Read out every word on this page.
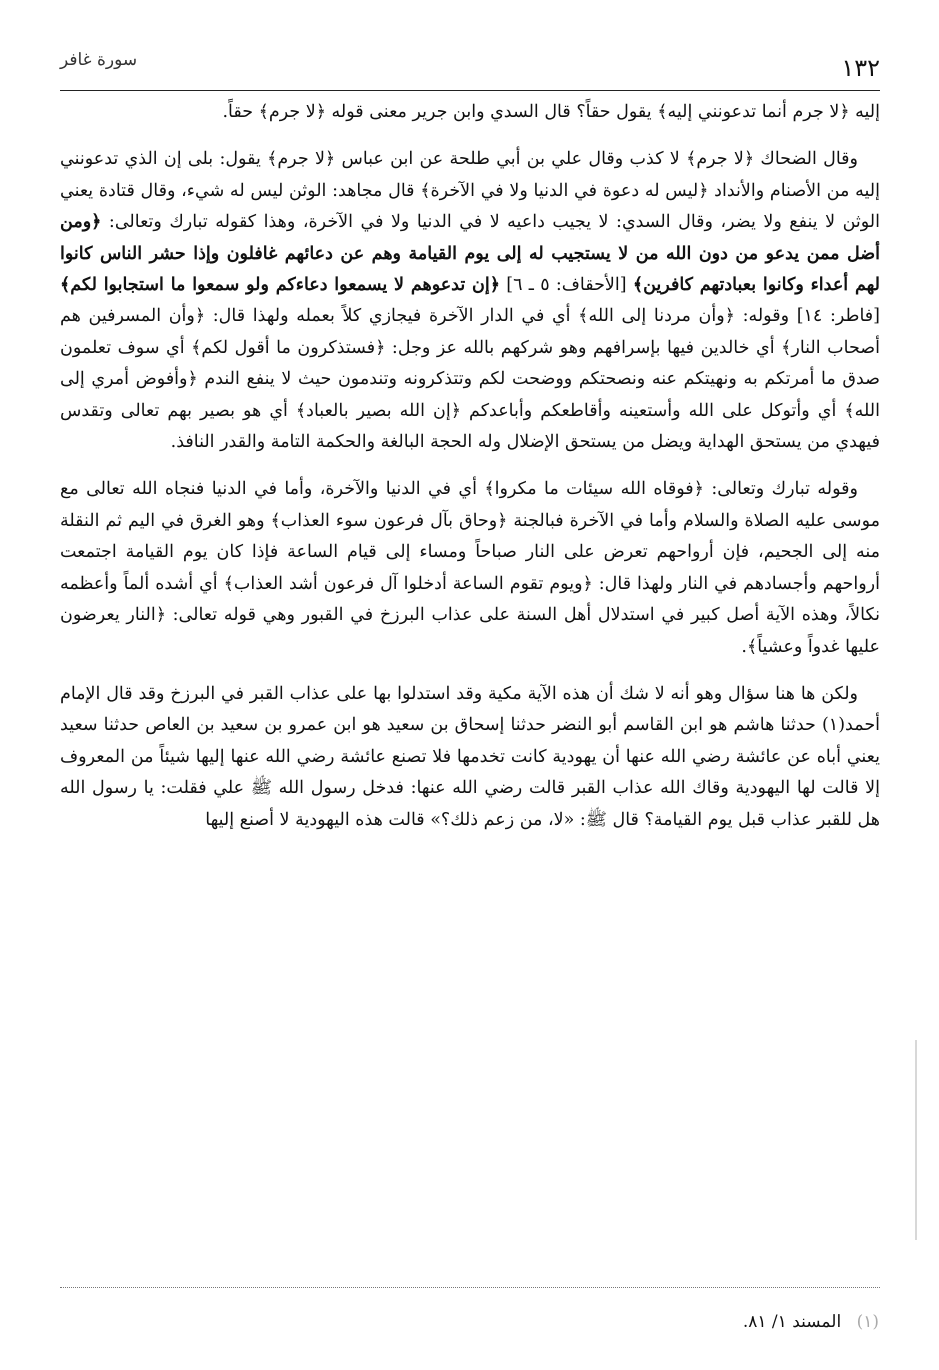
١٣٢
سورة غافر

إليه ﴿لا جرم أنما تدعونني إليه﴾ يقول حقاً؟ قال السدي وابن جرير معنى قوله ﴿لا جرم﴾ حقاً.

وقال الضحاك ﴿لا جرم﴾ لا كذب وقال علي بن أبي طلحة عن ابن عباس ﴿لا جرم﴾ يقول: بلى إن الذي تدعونني إليه من الأصنام والأنداد ﴿ليس له دعوة في الدنيا ولا في الآخرة﴾ قال مجاهد: الوثن ليس له شيء، وقال قتادة يعني الوثن لا ينفع ولا يضر، وقال السدي: لا يجيب داعيه لا في الدنيا ولا في الآخرة، وهذا كقوله تبارك وتعالى: ﴿ومن أضل ممن يدعو من دون الله من لا يستجيب له إلى يوم القيامة وهم عن دعائهم غافلون وإذا حشر الناس كانوا لهم أعداء وكانوا بعبادتهم كافرين﴾ [الأحقاف: ٥ ـ ٦] ﴿إن تدعوهم لا يسمعوا دعاءكم ولو سمعوا ما استجابوا لكم﴾ [فاطر: ١٤] وقوله: ﴿وأن مردنا إلى الله﴾ أي في الدار الآخرة فيجازي كلاً بعمله ولهذا قال: ﴿وأن المسرفين هم أصحاب النار﴾ أي خالدين فيها بإسرافهم وهو شركهم بالله عز وجل: ﴿فستذكرون ما أقول لكم﴾ أي سوف تعلمون صدق ما أمرتكم به ونهيتكم عنه ونصحتكم ووضحت لكم وتتذكرونه وتندمون حيث لا ينفع الندم ﴿وأفوض أمري إلى الله﴾ أي وأتوكل على الله وأستعينه وأقاطعكم وأباعدكم ﴿إن الله بصير بالعباد﴾ أي هو بصير بهم تعالى وتقدس فيهدي من يستحق الهداية ويضل من يستحق الإضلال وله الحجة البالغة والحكمة التامة والقدر النافذ.

وقوله تبارك وتعالى: ﴿فوقاه الله سيئات ما مكروا﴾ أي في الدنيا والآخرة، وأما في الدنيا فنجاه الله تعالى مع موسى عليه الصلاة والسلام وأما في الآخرة فبالجنة ﴿وحاق بآل فرعون سوء العذاب﴾ وهو الغرق في اليم ثم النقلة منه إلى الجحيم، فإن أرواحهم تعرض على النار صباحاً ومساء إلى قيام الساعة فإذا كان يوم القيامة اجتمعت أرواحهم وأجسادهم في النار ولهذا قال: ﴿ويوم تقوم الساعة أدخلوا آل فرعون أشد العذاب﴾ أي أشده ألماً وأعظمه نكالاً، وهذه الآية أصل كبير في استدلال أهل السنة على عذاب البرزخ في القبور وهي قوله تعالى: ﴿النار يعرضون عليها غدواً وعشياً﴾.

ولكن ها هنا سؤال وهو أنه لا شك أن هذه الآية مكية وقد استدلوا بها على عذاب القبر في البرزخ وقد قال الإمام أحمد(١) حدثنا هاشم هو ابن القاسم أبو النضر حدثنا إسحاق بن سعيد هو ابن عمرو بن سعيد بن العاص حدثنا سعيد يعني أباه عن عائشة رضي الله عنها أن يهودية كانت تخدمها فلا تصنع عائشة رضي الله عنها إليها شيئاً من المعروف إلا قالت لها اليهودية وقاك الله عذاب القبر قالت رضي الله عنها: فدخل رسول الله ﷺ علي فقلت: يا رسول الله هل للقبر عذاب قبل يوم القيامة؟ قال ﷺ: «لا، من زعم ذلك؟» قالت هذه اليهودية لا أصنع إليها

(١) المسند ١/ ٨١.
